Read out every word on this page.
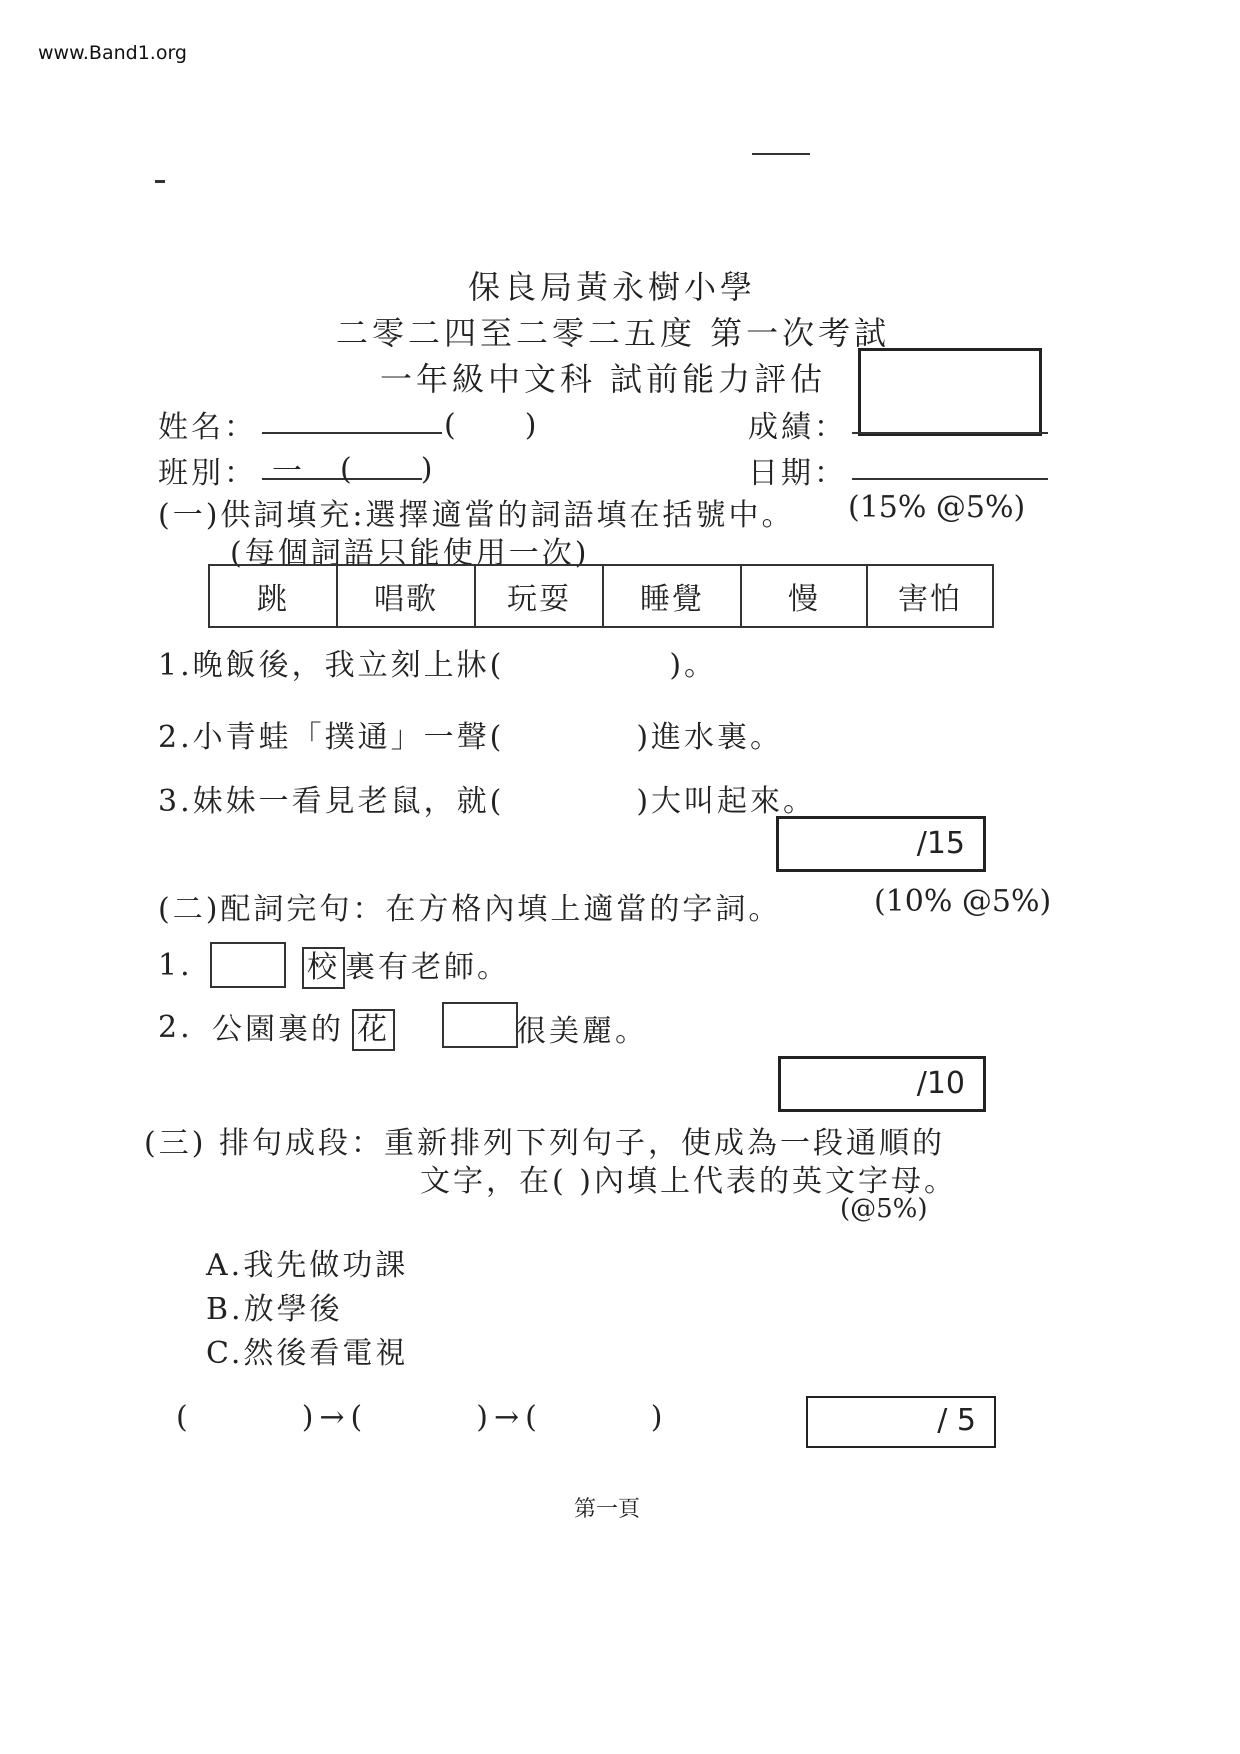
www.Band1.org
保良局黃永樹小學
二零二四至二零二五度 第一次考試
一年級中文科 試前能力評估
姓名：	(　　)	成績：
班別： 一 (　　)	日期：
(一)供詞填充:選擇適當的詞語填在括號中。 (15% @5%)
(每個詞語只能使用一次)
跳	唱歌	玩耍	睡覺	慢	害怕
1.晚飯後，我立刻上牀(　　　　　)。
2.小青蛙「撲通」一聲(　　　　)進水裏。
3.妹妹一看見老鼠，就(　　　　)大叫起來。
/15
(二)配詞完句：在方格內填上適當的字詞。	(10% @5%)
1.	校 裏有老師。
2. 公園裏的 花	很美麗。
/10
(三) 排句成段：重新排列下列句子，使成為一段通順的
文字，在( )內填上代表的英文字母。
(@5%)
A.我先做功課
B.放學後
C.然後看電視
(　　　)→(　　　)→(　　　)	/ 5
第一頁
